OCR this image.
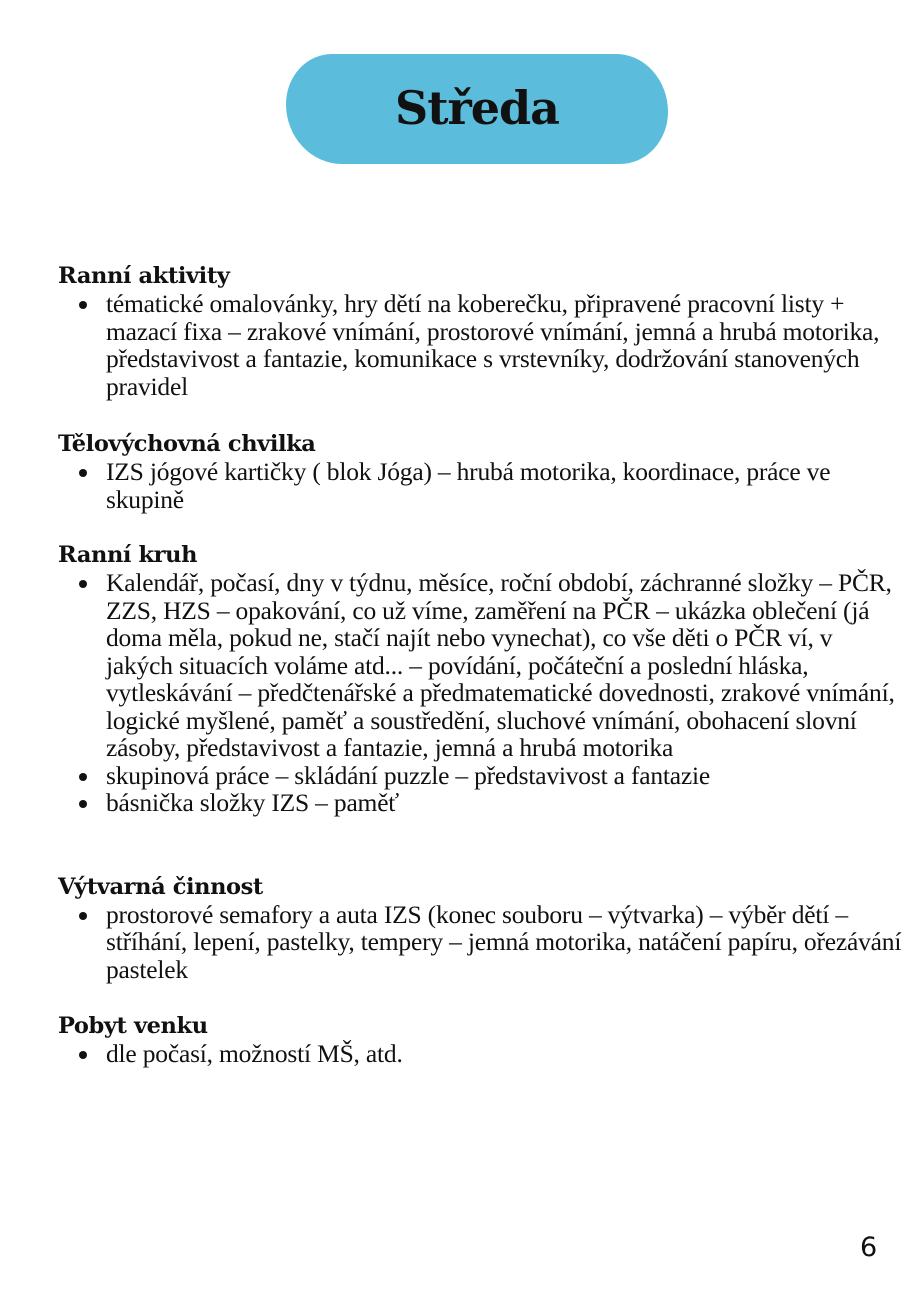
Středa
Ranní aktivity
tématické omalovánky, hry dětí na koberečku, připravené pracovní listy + mazací fixa – zrakové vnímání, prostorové vnímání, jemná a hrubá motorika, představivost a fantazie, komunikace s vrstevníky, dodržování stanovených pravidel
Tělovýchovná chvilka
IZS jógové kartičky ( blok Jóga) – hrubá motorika, koordinace, práce ve skupině
Ranní kruh
Kalendář, počasí, dny v týdnu, měsíce, roční období, záchranné složky – PČR, ZZS, HZS – opakování, co už víme, zaměření na PČR – ukázka oblečení (já doma měla, pokud ne, stačí najít nebo vynechat), co vše děti o PČR ví, v jakých situacích voláme atd... – povídání, počáteční a poslední hláska, vytleskávání – předčtenářské a předmatematické dovednosti, zrakové vnímání, logické myšlené, paměť a soustředění, sluchové vnímání, obohacení slovní zásoby, představivost a fantazie, jemná a hrubá motorika
skupinová práce – skládání puzzle – představivost a fantazie
básnička složky IZS – paměť
Výtvarná činnost
prostorové semafory a auta IZS (konec souboru – výtvarka) – výběr dětí – stříhání, lepení, pastelky, tempery – jemná motorika, natáčení papíru, ořezávání pastelek
Pobyt venku
dle počasí, možností MŠ, atd.
6
